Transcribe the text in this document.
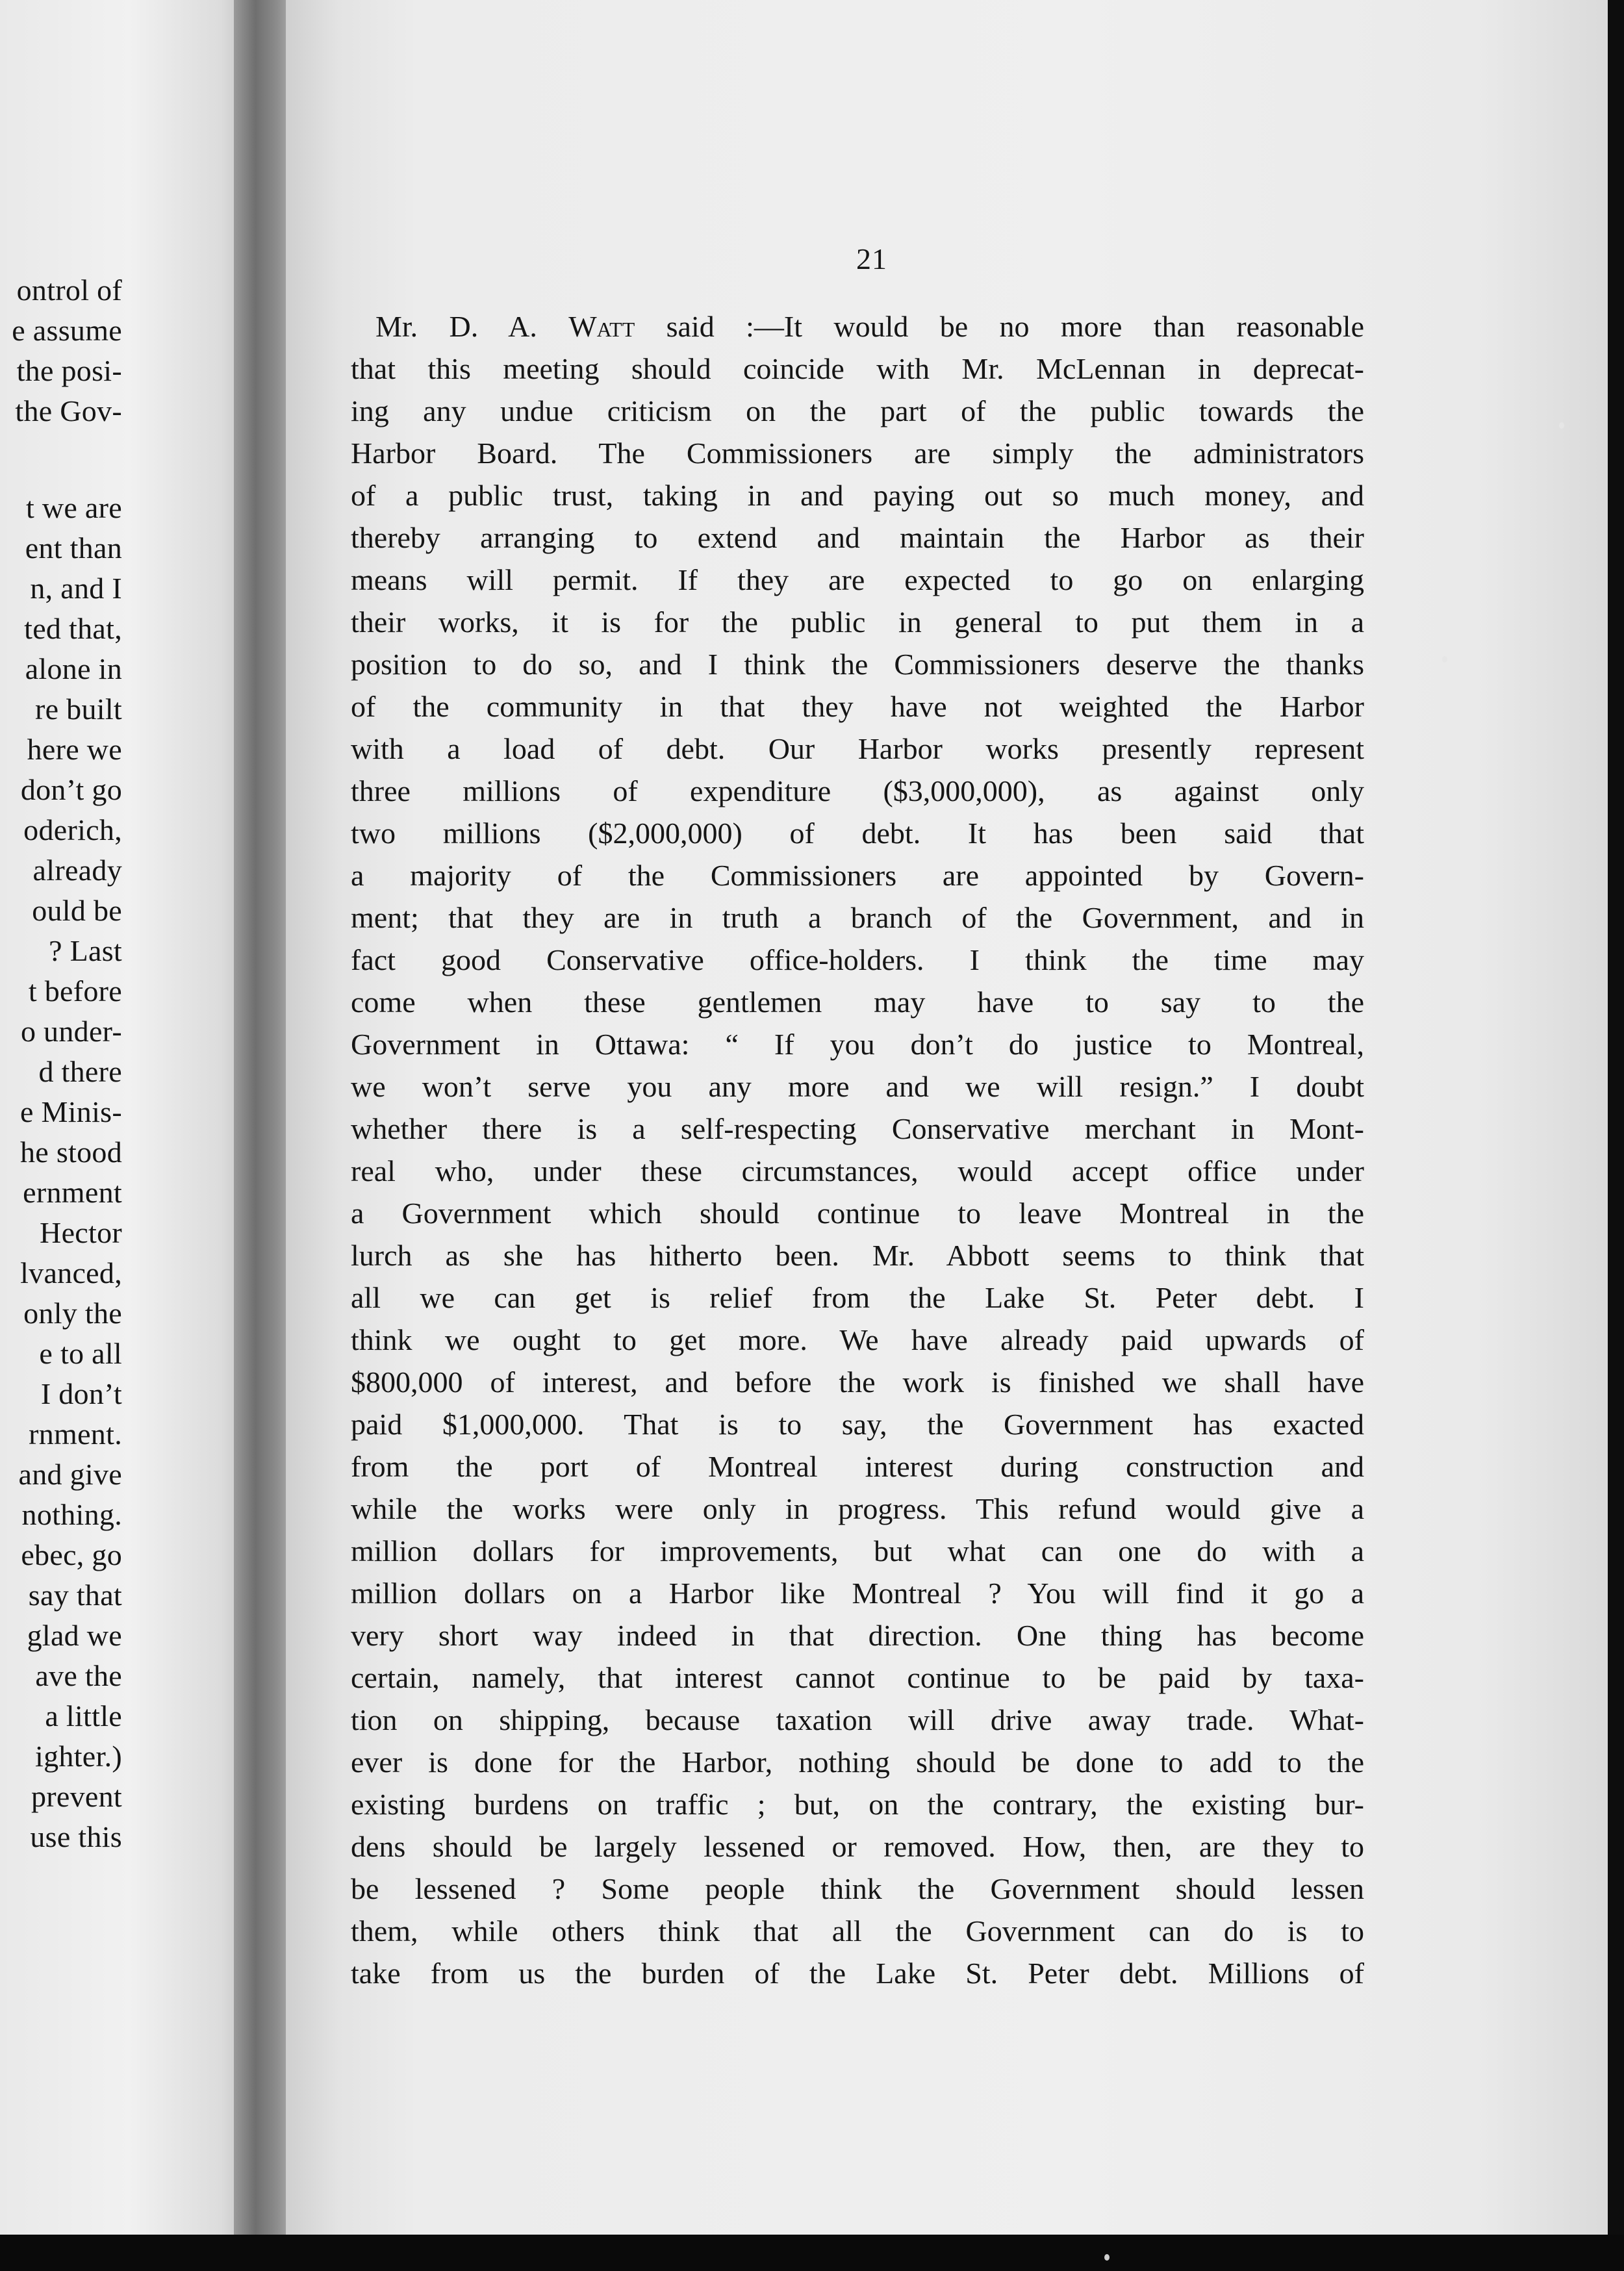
ontrol of
e assume
the posi-
the Gov-
t we are
ent than
n, and I
ted that,
alone in
re built
here we
don’t go
oderich,
already
ould be
? Last
t before
o under-
d there
e Minis-
he stood
ernment
Hector
lvanced,
only the
e to all
I don’t
rnment.
and give
nothing.
ebec, go
say that
glad we
ave the
a little
ighter.)
prevent
use this
21
Mr. D. A. Watt said :—It would be no more than reasonable
that this meeting should coincide with Mr. McLennan in deprecat-
ing any undue criticism on the part of the public towards the
Harbor Board. The Commissioners are simply the administrators
of a public trust, taking in and paying out so much money, and
thereby arranging to extend and maintain the Harbor as their
means will permit. If they are expected to go on enlarging
their works, it is for the public in general to put them in a
position to do so, and I think the Commissioners deserve the thanks
of the community in that they have not weighted the Harbor
with a load of debt. Our Harbor works presently represent
three millions of expenditure ($3,000,000), as against only
two millions ($2,000,000) of debt. It has been said that
a majority of the Commissioners are appointed by Govern-
ment; that they are in truth a branch of the Government, and in
fact good Conservative office-holders. I think the time may
come when these gentlemen may have to say to the
Government in Ottawa: “ If you don’t do justice to Montreal,
we won’t serve you any more and we will resign.” I doubt
whether there is a self-respecting Conservative merchant in Mont-
real who, under these circumstances, would accept office under
a Government which should continue to leave Montreal in the
lurch as she has hitherto been. Mr. Abbott seems to think that
all we can get is relief from the Lake St. Peter debt. I
think we ought to get more. We have already paid upwards of
$800,000 of interest, and before the work is finished we shall have
paid $1,000,000. That is to say, the Government has exacted
from the port of Montreal interest during construction and
while the works were only in progress. This refund would give a
million dollars for improvements, but what can one do with a
million dollars on a Harbor like Montreal ? You will find it go a
very short way indeed in that direction. One thing has become
certain, namely, that interest cannot continue to be paid by taxa-
tion on shipping, because taxation will drive away trade. What-
ever is done for the Harbor, nothing should be done to add to the
existing burdens on traffic ; but, on the contrary, the existing bur-
dens should be largely lessened or removed. How, then, are they to
be lessened ? Some people think the Government should lessen
them, while others think that all the Government can do is to
take from us the burden of the Lake St. Peter debt. Millions of
